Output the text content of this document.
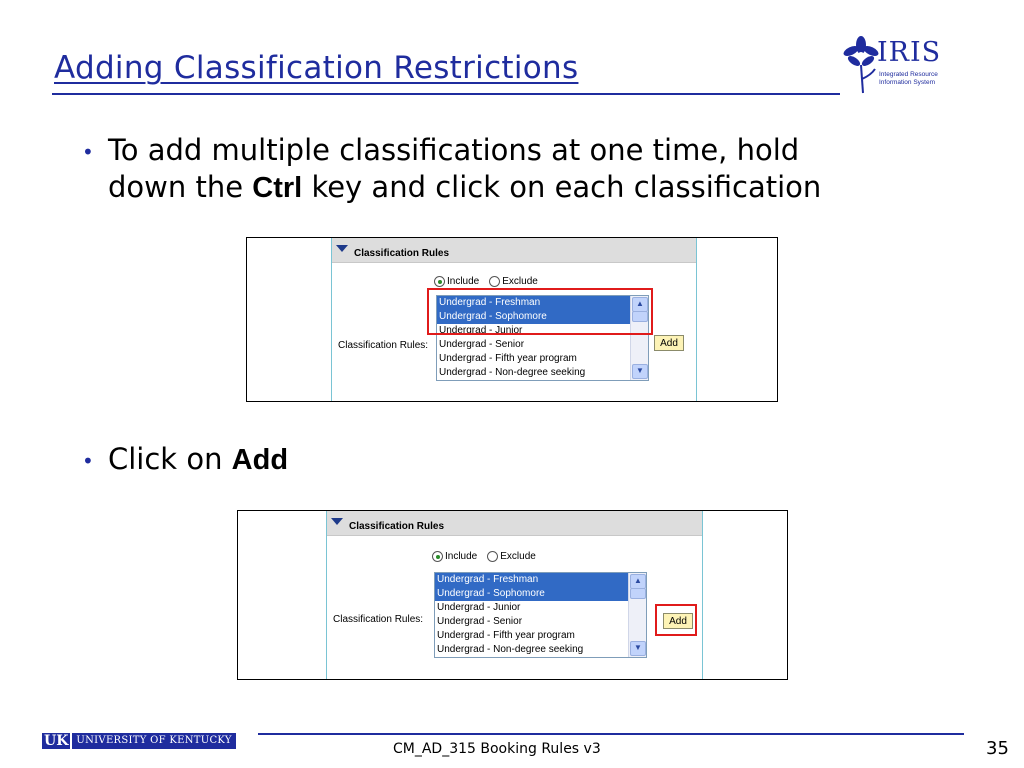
Adding Classification Restrictions	IRIS
Integrated Resource
Information System
• To add multiple classifications at one time, hold
down the Ctrl key and click on each classification
Classification Rules
Include Exclude
Classification Rules:
Undergrad - Freshman
Undergrad - Sophomore
Undergrad - Junior
Undergrad - Senior
Undergrad - Fifth year program
Undergrad - Non-degree seeking
▲
▼
Add
• Click on Add
Classification Rules
Include Exclude
Classification Rules:
Undergrad - Freshman
Undergrad - Sophomore
Undergrad - Junior
Undergrad - Senior
Undergrad - Fifth year program
Undergrad - Non-degree seeking
▲
▼
Add
UK UNIVERSITY OF KENTUCKY
CM_AD_315 Booking Rules v3	35
